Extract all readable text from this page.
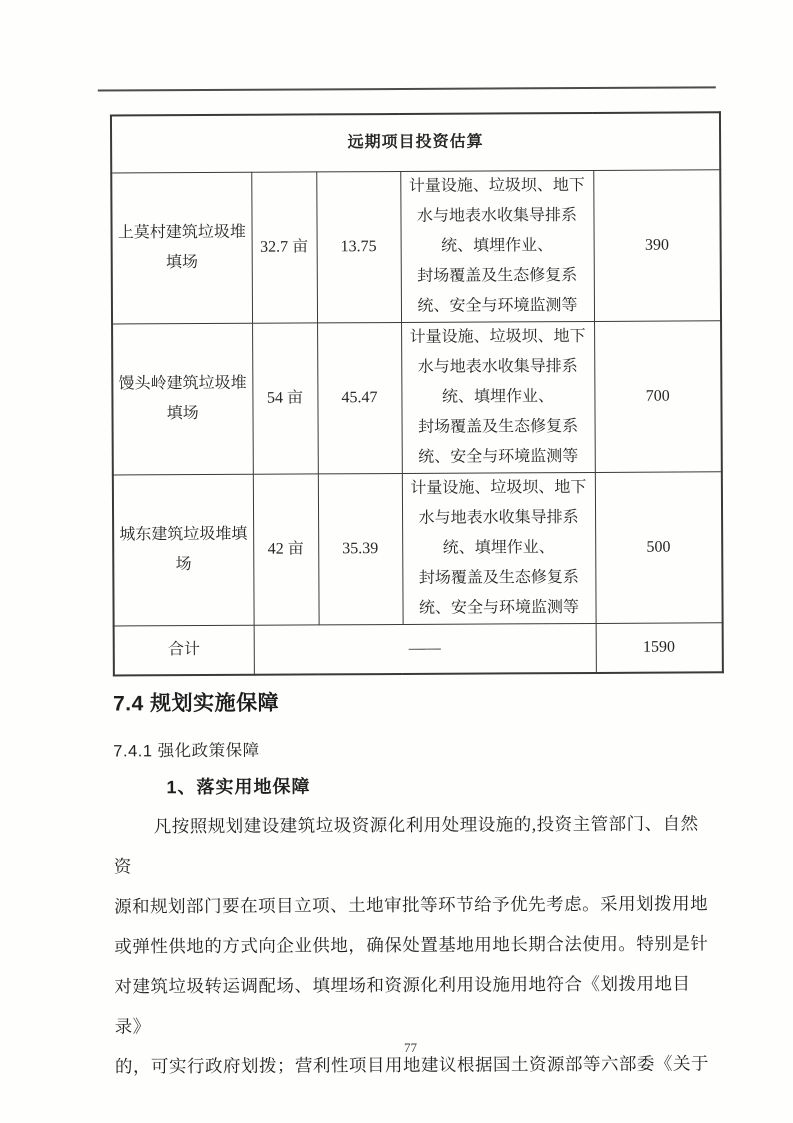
远期项目投资估算				
上莫村建筑垃圾堆
填场	32.7 亩	13.75	计量设施、垃圾坝、地下
水与地表水收集导排系
统、填埋作业、
封场覆盖及生态修复系
统、安全与环境监测等	390
馒头岭建筑垃圾堆
填场	54 亩	45.47	计量设施、垃圾坝、地下
水与地表水收集导排系
统、填埋作业、
封场覆盖及生态修复系
统、安全与环境监测等	700
城东建筑垃圾堆填
场	42 亩	35.39	计量设施、垃圾坝、地下
水与地表水收集导排系
统、填埋作业、
封场覆盖及生态修复系
统、安全与环境监测等	500
合计	——			1590
7.4 规划实施保障
7.4.1 强化政策保障
1、落实用地保障
凡按照规划建设建筑垃圾资源化利用处理设施的,投资主管部门、自然资
源和规划部门要在项目立项、土地审批等环节给予优先考虑。采用划拨用地
或弹性供地的方式向企业供地，确保处置基地用地长期合法使用。特别是针
对建筑垃圾转运调配场、填埋场和资源化利用设施用地符合《划拨用地目录》
的，可实行政府划拨；营利性项目用地建议根据国土资源部等六部委《关于
77
